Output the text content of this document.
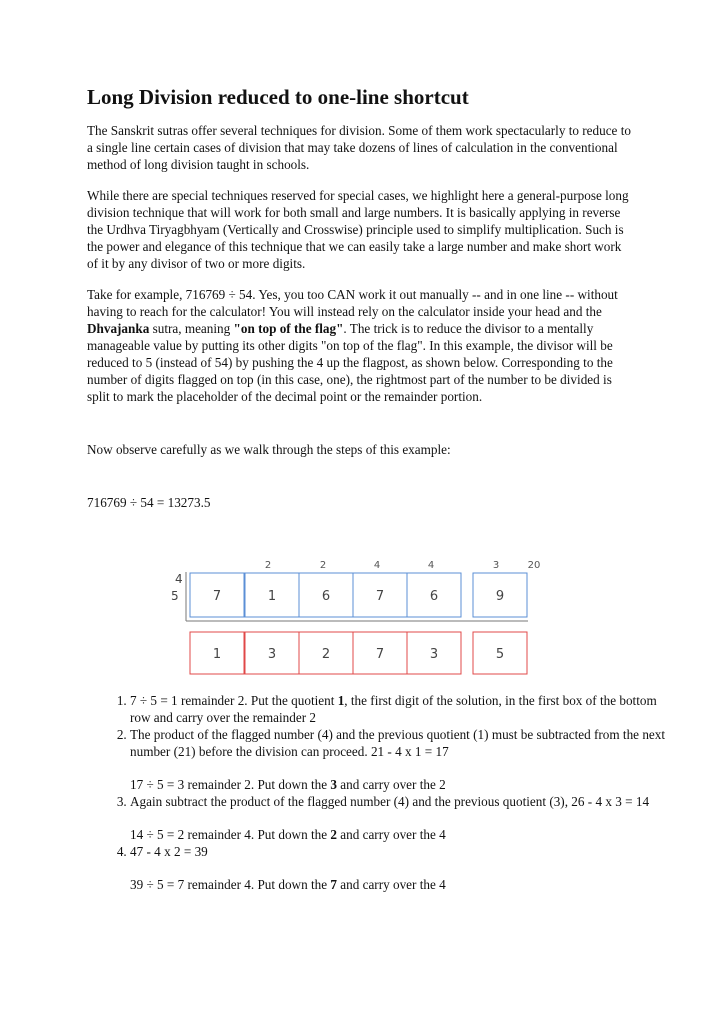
Long Division reduced to one-line shortcut

The Sanskrit sutras offer several techniques for division. Some of them work spectacularly to reduce to a single line certain cases of division that may take dozens of lines of calculation in the conventional method of long division taught in schools.

While there are special techniques reserved for special cases, we highlight here a general-purpose long division technique that will work for both small and large numbers. It is basically applying in reverse the Urdhva Tiryagbhyam (Vertically and Crosswise) principle used to simplify multiplication. Such is the power and elegance of this technique that we can easily take a large number and make short work of it by any divisor of two or more digits.

Take for example, 716769 ÷ 54. Yes, you too CAN work it out manually -- and in one line -- without having to reach for the calculator! You will instead rely on the calculator inside your head and the Dhvajanka sutra, meaning "on top of the flag". The trick is to reduce the divisor to a mentally manageable value by putting its other digits "on top of the flag". In this example, the divisor will be reduced to 5 (instead of 54) by pushing the 4 up the flagpost, as shown below. Corresponding to the number of digits flagged on top (in this case, one), the rightmost part of the number to be divided is split to mark the placeholder of the decimal point or the remainder portion.

Now observe carefully as we walk through the steps of this example:

716769 ÷ 54 = 13273.5

2	2	4	4	3	20
4
5	7	1	6	7	6	9
1	3	2	7	3	5
1. 7 ÷ 5 = 1 remainder 2. Put the quotient 1, the first digit of the solution, in the first box of the bottom row and carry over the remainder 2
2. The product of the flagged number (4) and the previous quotient (1) must be subtracted from the next number (21) before the division can proceed. 21 - 4 x 1 = 17
17 ÷ 5 = 3 remainder 2. Put down the 3 and carry over the 2
3. Again subtract the product of the flagged number (4) and the previous quotient (3), 26 - 4 x 3 = 14
14 ÷ 5 = 2 remainder 4. Put down the 2 and carry over the 4
4. 47 - 4 x 2 = 39
39 ÷ 5 = 7 remainder 4. Put down the 7 and carry over the 4
